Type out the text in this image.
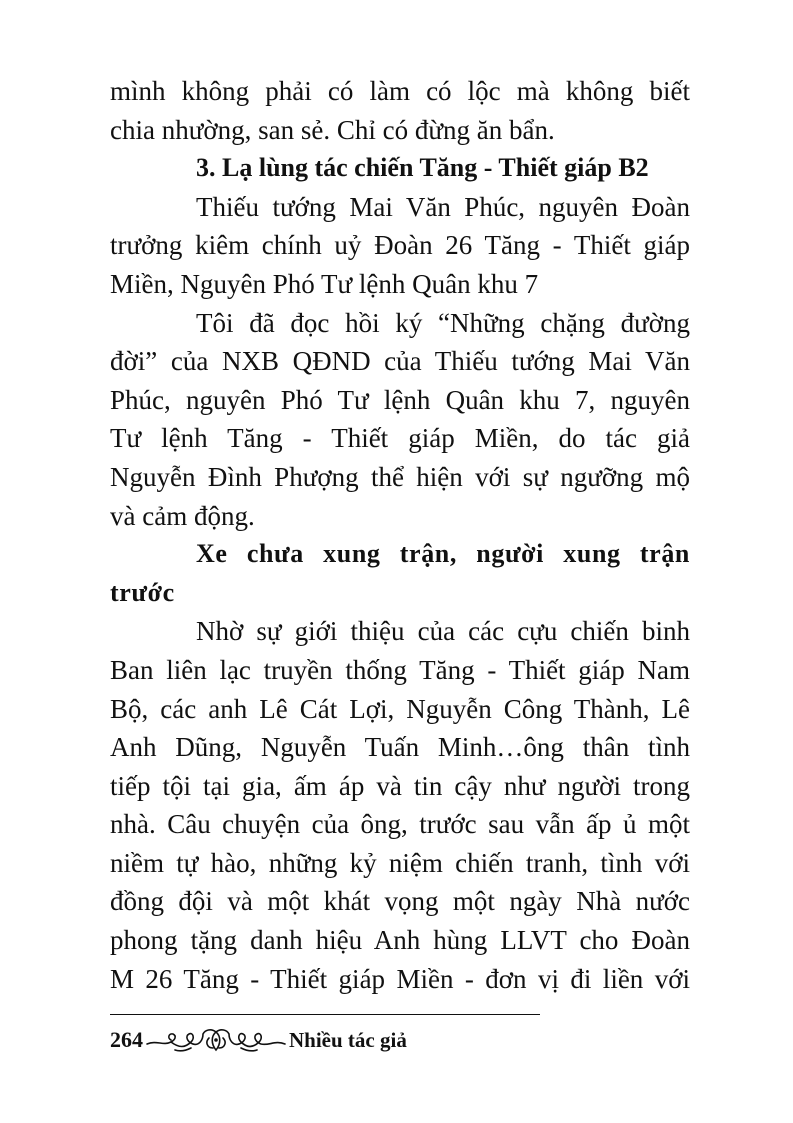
mình không phải có làm có lộc mà không biết

chia nhường, san sẻ. Chỉ có đừng ăn bẩn.

3. Lạ lùng tác chiến Tăng - Thiết giáp B2

Thiếu tướng Mai Văn Phúc, nguyên Đoàn

trưởng kiêm chính uỷ Đoàn 26 Tăng - Thiết giáp

Miền, Nguyên Phó Tư lệnh Quân khu 7

Tôi đã đọc hồi ký “Những chặng đường

đời” của NXB QĐND của Thiếu tướng Mai Văn

Phúc, nguyên Phó Tư lệnh Quân khu 7, nguyên

Tư lệnh Tăng - Thiết giáp Miền, do tác giả

Nguyễn Đình Phượng thể hiện với sự ngưỡng mộ

và cảm động.

Xe chưa xung trận, người xung trận

trước

Nhờ sự giới thiệu của các cựu chiến binh

Ban liên lạc truyền thống Tăng - Thiết giáp Nam

Bộ, các anh Lê Cát Lợi, Nguyễn Công Thành, Lê

Anh Dũng, Nguyễn Tuấn Minh…ông thân tình

tiếp tội tại gia, ấm áp và tin cậy như người trong

nhà. Câu chuyện của ông, trước sau vẫn ấp ủ một

niềm tự hào, những kỷ niệm chiến tranh, tình với

đồng đội và một khát vọng một ngày Nhà nước

phong tặng danh hiệu Anh hùng LLVT cho Đoàn

M 26 Tăng - Thiết giáp Miền - đơn vị đi liền với

264	Nhiều tác giả
